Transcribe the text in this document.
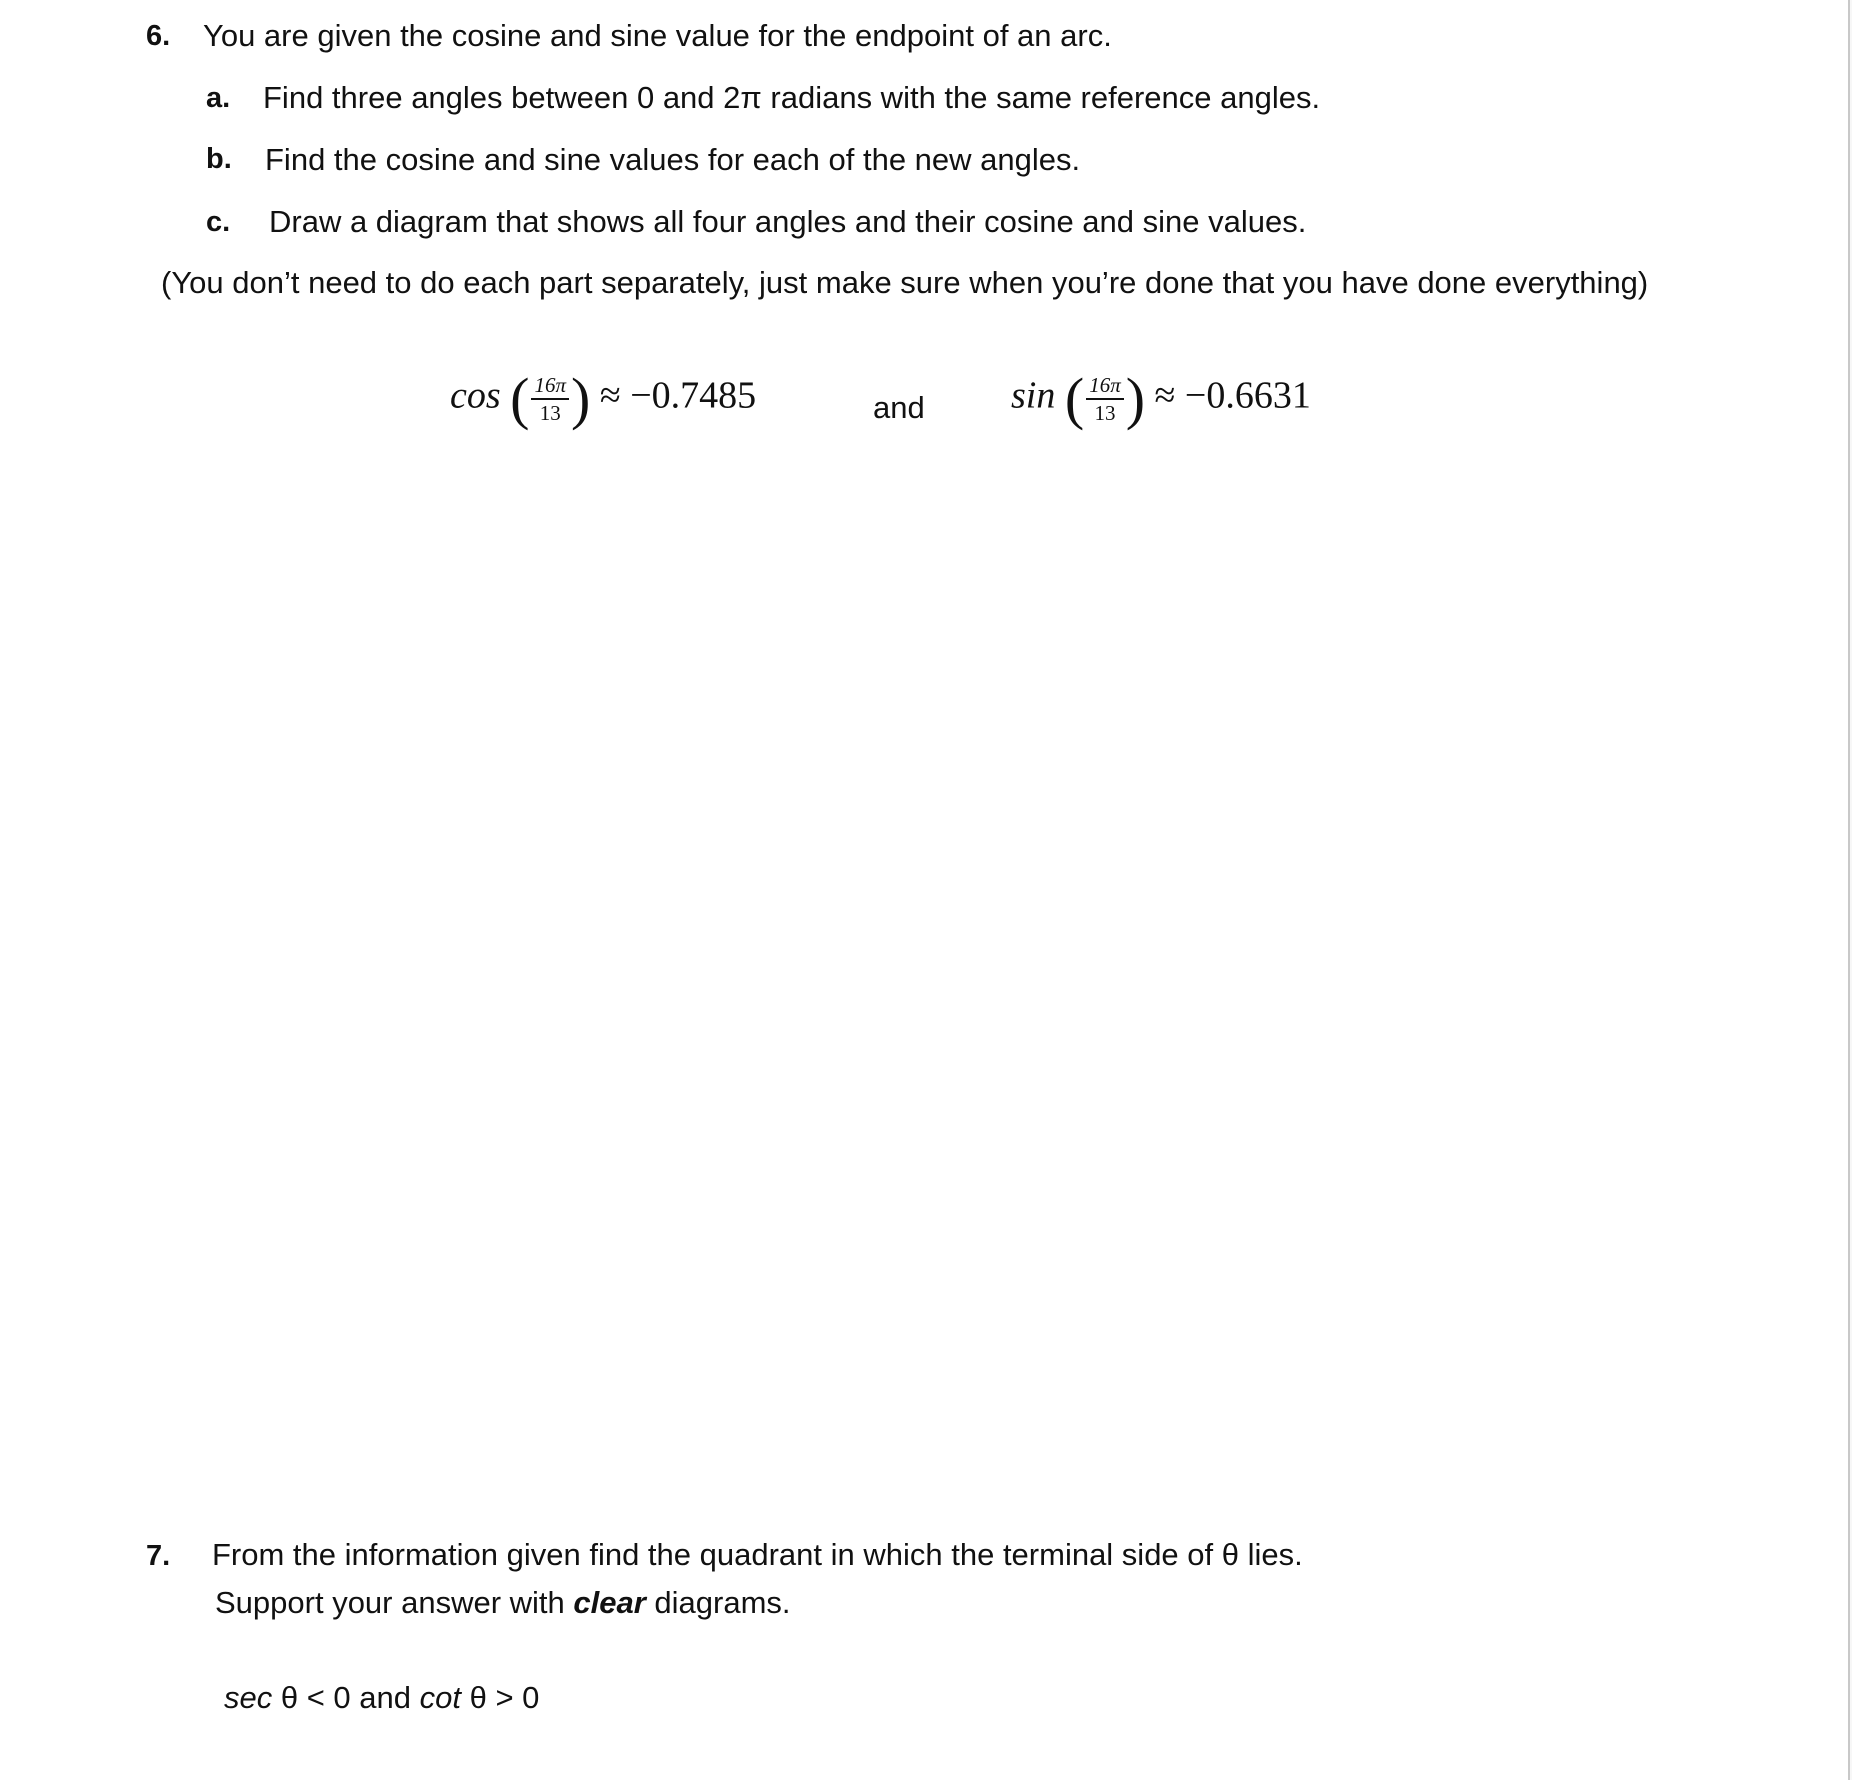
6. You are given the cosine and sine value for the endpoint of an arc.
a. Find three angles between 0 and 2π radians with the same reference angles.
b. Find the cosine and sine values for each of the new angles.
c. Draw a diagram that shows all four angles and their cosine and sine values.
(You don’t need to do each part separately, just make sure when you’re done that you have done everything)
cos ( $\frac{16\pi}{13}$ ) ≈ −0.7485	and sin ( $\frac{16\pi}{13}$ ) ≈ −0.6631
7. From the information given find the quadrant in which the terminal side of θ lies.
Support your answer with clear diagrams.
sec θ < 0 and cot θ > 0
